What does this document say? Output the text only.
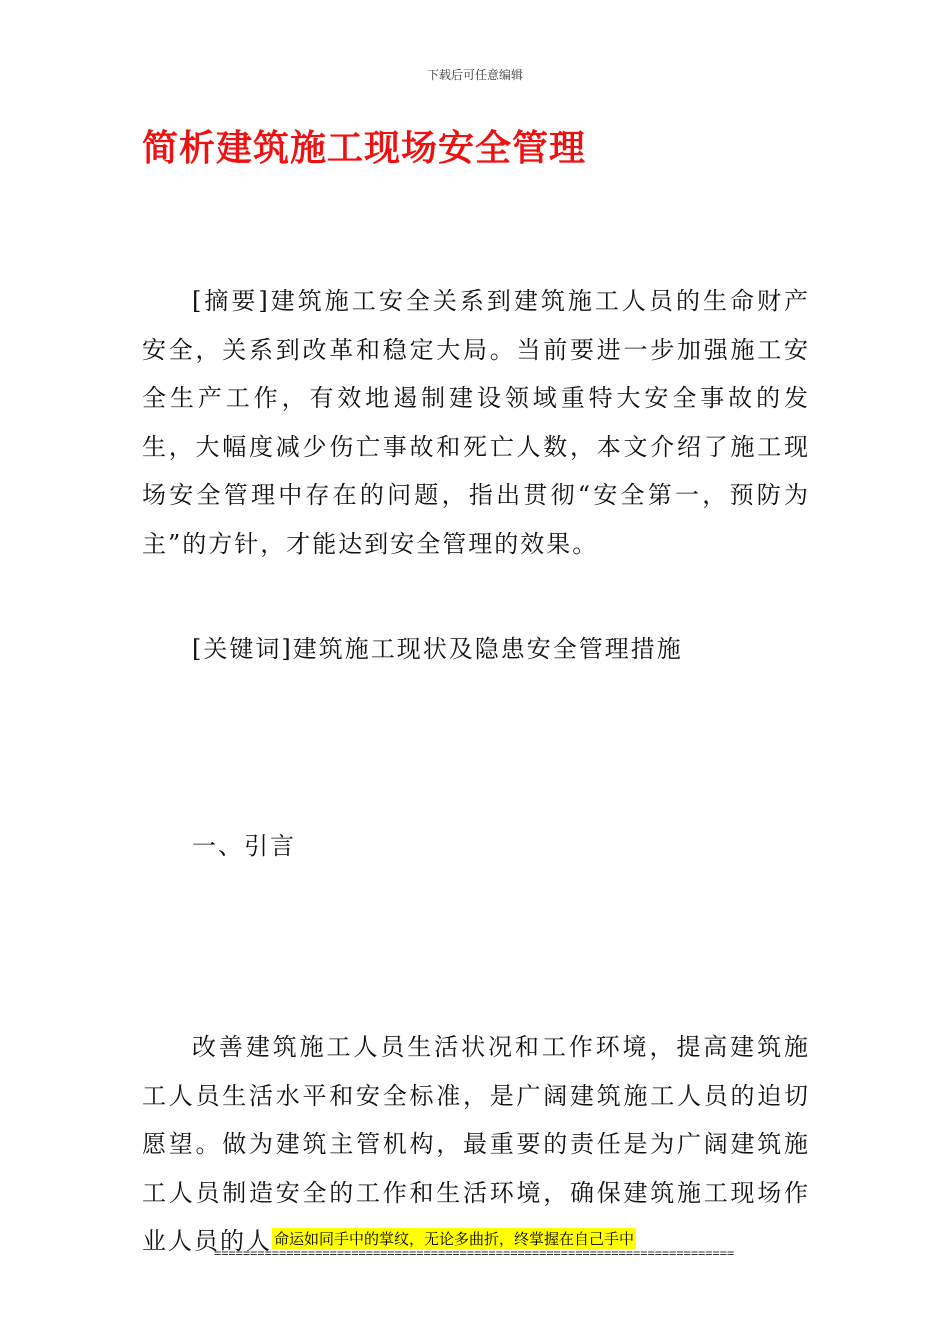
下载后可任意编辑
简析建筑施工现场安全管理

[摘要]建筑施工安全关系到建筑施工人员的生命财产安全，关系到改革和稳定大局。当前要进一步加强施工安全生产工作，有效地遏制建设领域重特大安全事故的发生，大幅度减少伤亡事故和死亡人数，本文介绍了施工现场安全管理中存在的问题，指出贯彻“安全第一，预防为主”的方针，才能达到安全管理的效果。

[关键词]建筑施工现状及隐患安全管理措施

一、引言

改善建筑施工人员生活状况和工作环境，提高建筑施工人员生活水平和安全标准，是广阔建筑施工人员的迫切愿望。做为建筑主管机构，最重要的责任是为广阔建筑施工人员制造安全的工作和生活环境，确保建筑施工现场作业人员的人 命运如同手中的掌纹，无论多曲折，终掌握在自己手中
========================================================================
